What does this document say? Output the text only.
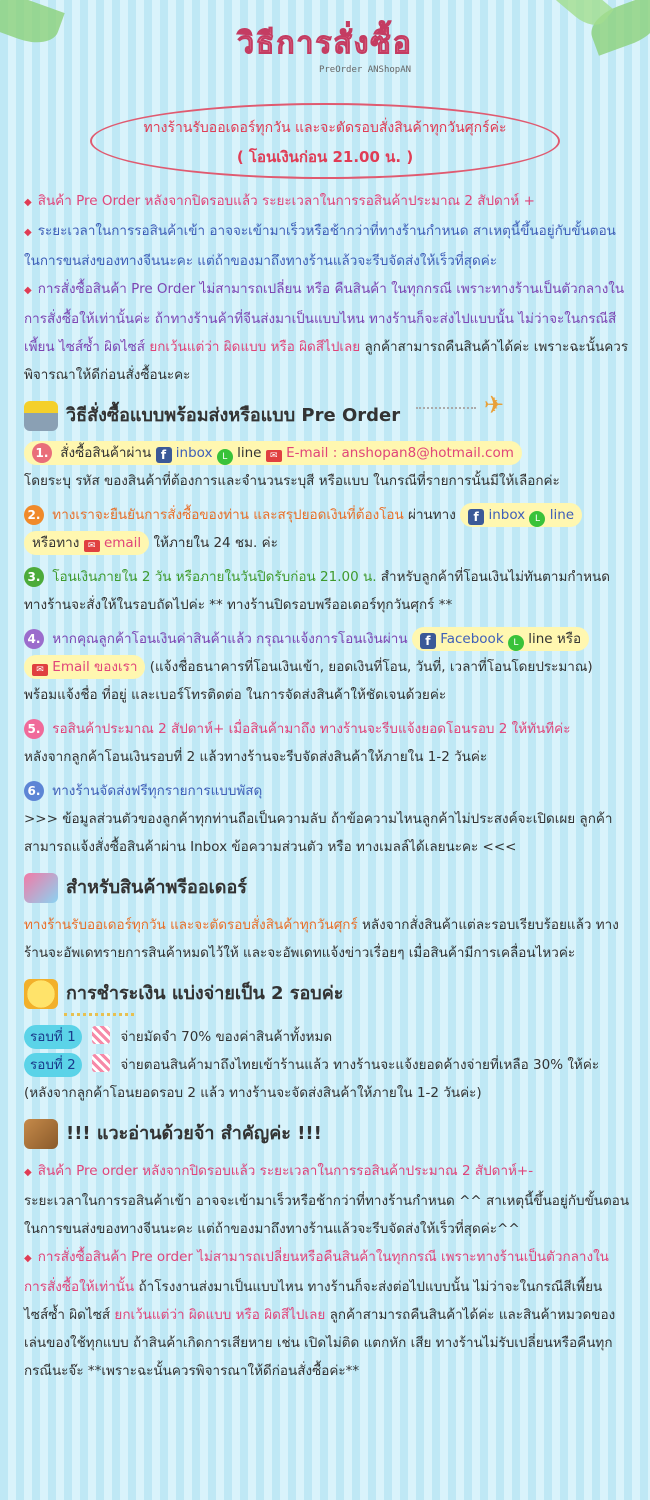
วิธีการสั่งซื้อ
PreOrder ANShopAN
ทางร้านรับออเดอร์ทุกวัน และจะตัดรอบสั่งสินค้าทุกวันศุกร์ค่ะ
( โอนเงินก่อน 21.00 น. )
◆ สินค้า Pre Order หลังจากปิดรอบแล้ว ระยะเวลาในการรอสินค้าประมาณ 2 สัปดาห์ +
◆ ระยะเวลาในการรอสินค้าเข้า อาจจะเข้ามาเร็วหรือช้ากว่าที่ทางร้านกำหนด สาเหตุนี้ขึ้นอยู่กับขั้นตอนในการขนส่งของทางจีนนะคะ แต่ถ้าของมาถึงทางร้านแล้วจะรีบจัดส่งให้เร็วที่สุดค่ะ
◆ การสั่งซื้อสินค้า Pre Order ไม่สามารถเปลี่ยน หรือ คืนสินค้า ในทุกกรณี เพราะทางร้านเป็นตัวกลางในการสั่งซื้อให้เท่านั้นค่ะ ถ้าทางร้านค้าที่จีนส่งมาเป็นแบบไหน ทางร้านก็จะส่งไปแบบนั้น ไม่ว่าจะในกรณีสีเพี้ยน ไซส์ซ้ำ ผิดไซส์ ยกเว้นแต่ว่า ผิดแบบ หรือ ผิดสีไปเลย ลูกค้าสามารถคืนสินค้าได้ค่ะ เพราะฉะนั้นควรพิจารณาให้ดีก่อนสั่งซื้อนะคะ
วิธีสั่งซื้อแบบพร้อมส่งหรือแบบ Pre Order
✈
1. สั่งซื้อสินค้าผ่าน f inbox L line ✉ E-mail : anshopan8@hotmail.com
โดยระบุ รหัส ของสินค้าที่ต้องการและจำนวนระบุสี หรือแบบ ในกรณีที่รายการนั้นมีให้เลือกค่ะ
2. ทางเราจะยืนยันการสั่งซื้อของท่าน และสรุปยอดเงินที่ต้องโอน ผ่านทาง f inbox L line
หรือทาง ✉ email ให้ภายใน 24 ชม. ค่ะ
3. โอนเงินภายใน 2 วัน หรือภายในวันปิดรับก่อน 21.00 น. สำหรับลูกค้าที่โอนเงินไม่ทันตามกำหนด ทางร้านจะสั่งให้ในรอบถัดไปค่ะ ** ทางร้านปิดรอบพรีออเดอร์ทุกวันศุกร์ **
4. หากคุณลูกค้าโอนเงินค่าสินค้าแล้ว กรุณาแจ้งการโอนเงินผ่าน f Facebook L line หรือ
✉ Email ของเรา (แจ้งชื่อธนาคารที่โอนเงินเข้า, ยอดเงินที่โอน, วันที่, เวลาที่โอนโดยประมาณ) พร้อมแจ้งชื่อ ที่อยู่ และเบอร์โทรติดต่อ ในการจัดส่งสินค้าให้ชัดเจนด้วยค่ะ
5. รอสินค้าประมาณ 2 สัปดาห์+ เมื่อสินค้ามาถึง ทางร้านจะรีบแจ้งยอดโอนรอบ 2 ให้ทันทีค่ะ
หลังจากลูกค้าโอนเงินรอบที่ 2 แล้วทางร้านจะรีบจัดส่งสินค้าให้ภายใน 1-2 วันค่ะ
6. ทางร้านจัดส่งฟรีทุกรายการแบบพัสดุ
>>> ข้อมูลส่วนตัวของลูกค้าทุกท่านถือเป็นความลับ ถ้าข้อความไหนลูกค้าไม่ประสงค์จะเปิดเผย ลูกค้าสามารถแจ้งสั่งซื้อสินค้าผ่าน Inbox ข้อความส่วนตัว หรือ ทางเมลล์ได้เลยนะคะ <<<
สำหรับสินค้าพรีออเดอร์
ทางร้านรับออเดอร์ทุกวัน และจะตัดรอบสั่งสินค้าทุกวันศุกร์ หลังจากสั่งสินค้าแต่ละรอบเรียบร้อยแล้ว ทางร้านจะอัพเดทรายการสินค้าหมดไว้ให้ และจะอัพเดทแจ้งข่าวเรื่อยๆ เมื่อสินค้ามีการเคลื่อนไหวค่ะ
การชำระเงิน แบ่งจ่ายเป็น 2 รอบค่ะ
รอบที่ 1	จ่ายมัดจำ 70% ของค่าสินค้าทั้งหมด
รอบที่ 2	จ่ายตอนสินค้ามาถึงไทยเข้าร้านแล้ว ทางร้านจะแจ้งยอดค้างจ่ายที่เหลือ 30% ให้ค่ะ
(หลังจากลูกค้าโอนยอดรอบ 2 แล้ว ทางร้านจะจัดส่งสินค้าให้ภายใน 1-2 วันค่ะ)
!!! แวะอ่านด้วยจ้า สำคัญค่ะ !!!
◆ สินค้า Pre order หลังจากปิดรอบแล้ว ระยะเวลาในการรอสินค้าประมาณ 2 สัปดาห์+-
ระยะเวลาในการรอสินค้าเข้า อาจจะเข้ามาเร็วหรือช้ากว่าที่ทางร้านกำหนด ^^ สาเหตุนี้ขึ้นอยู่กับขั้นตอนในการขนส่งของทางจีนนะคะ แต่ถ้าของมาถึงทางร้านแล้วจะรีบจัดส่งให้เร็วที่สุดค่ะ^^
◆ การสั่งซื้อสินค้า Pre order ไม่สามารถเปลี่ยนหรือคืนสินค้าในทุกกรณี เพราะทางร้านเป็นตัวกลางในการสั่งซื้อให้เท่านั้น ถ้าโรงงานส่งมาเป็นแบบไหน ทางร้านก็จะส่งต่อไปแบบนั้น ไม่ว่าจะในกรณีสีเพี้ยน ไซส์ซ้ำ ผิดไซส์ ยกเว้นแต่ว่า ผิดแบบ หรือ ผิดสีไปเลย ลูกค้าสามารถคืนสินค้าได้ค่ะ และสินค้าหมวดของเล่นของใช้ทุกแบบ ถ้าสินค้าเกิดการเสียหาย เช่น เปิดไม่ติด แตกหัก เสีย ทางร้านไม่รับเปลี่ยนหรือคืนทุกกรณีนะจ๊ะ **เพราะฉะนั้นควรพิจารณาให้ดีก่อนสั่งซื้อค่ะ**
